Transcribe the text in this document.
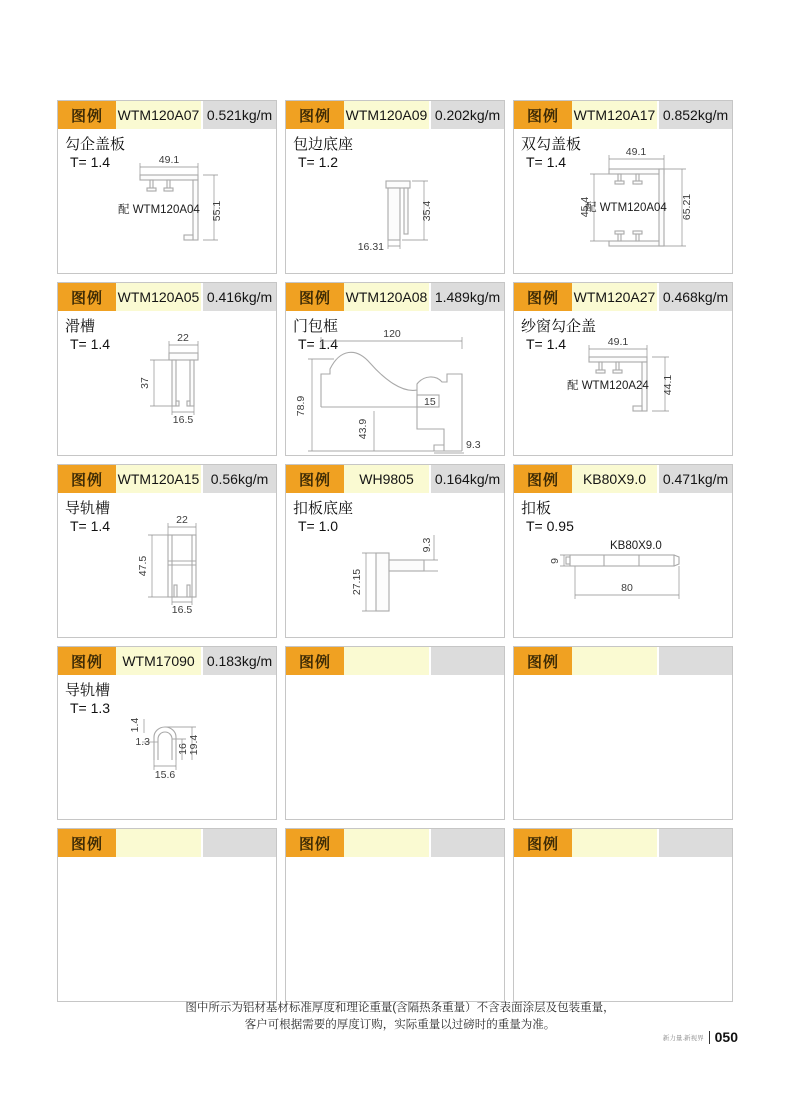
图例	WTM120A07 0.521kg/m
勾企盖板
T= 1.4	49.1
55.1
配 WTM120A04
图例	WTM120A09 0.202kg/m
包边底座
T= 1.2
35.4
16.31
图例	WTM120A17 0.852kg/m
双勾盖板
T= 1.4
49.1
45.4	65.21
配 WTM120A04
图例	WTM120A05 0.416kg/m
滑槽
T= 1.4	22
37
16.5
图例	WTM120A08 1.489kg/m
门包框
T= 1.4
120
78.9
43.9
15
9.3
图例	WTM120A27 0.468kg/m
纱窗勾企盖
T= 1.4	49.1
44.1
配 WTM120A24
图例	WTM120A15 0.56kg/m
导轨槽
T= 1.4	22
47.5
16.5
图例	WH9805	0.164kg/m
扣板底座
T= 1.0
27.15
9.3
图例	KB80X9.0	0.471kg/m
扣板
T= 0.95
KB80X9.0
9
80
图例	WTM17090 0.183kg/m
导轨槽
T= 1.3
1.4
1.3
15.6
16 19.4
图例	图例
图例	图例	图例
图中所示为铝材基材标准厚度和理论重量(含隔热条重量）不含表面涂层及包装重量，
客户可根据需要的厚度订购，实际重量以过磅时的重量为准。
新力量.新视界 050
